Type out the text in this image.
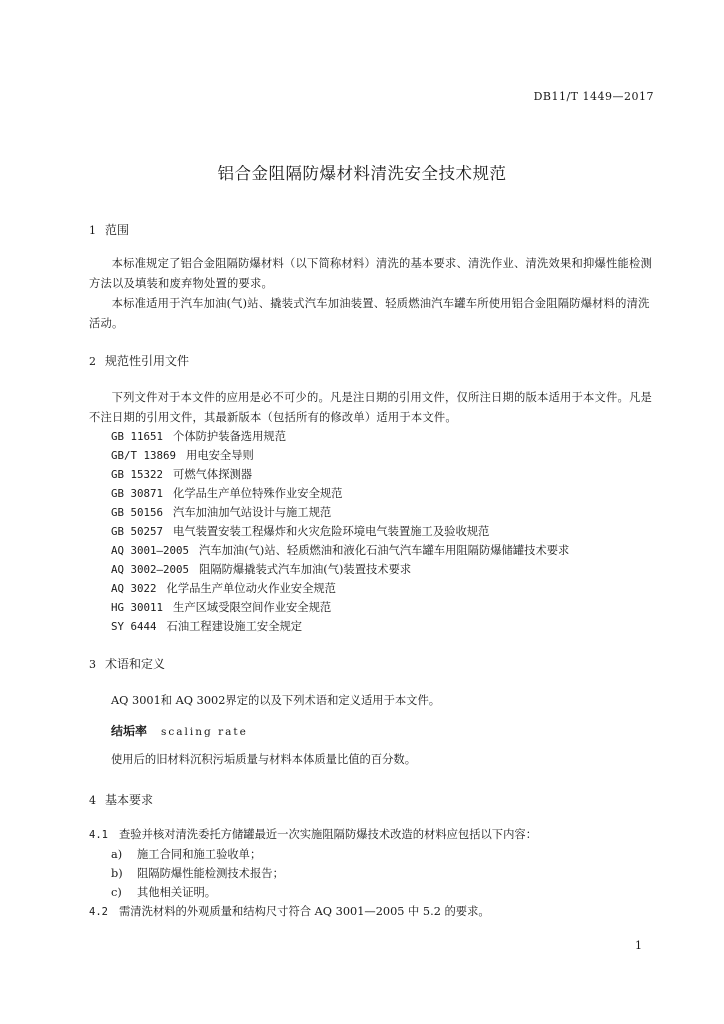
DB11/T 1449—2017
铝合金阻隔防爆材料清洗安全技术规范
1 范围
本标准规定了铝合金阻隔防爆材料（以下简称材料）清洗的基本要求、清洗作业、清洗效果和抑爆性能检测方法以及填装和废弃物处置的要求。
本标准适用于汽车加油(气)站、撬装式汽车加油装置、轻质燃油汽车罐车所使用铝合金阻隔防爆材料的清洗活动。
2 规范性引用文件
下列文件对于本文件的应用是必不可少的。凡是注日期的引用文件，仅所注日期的版本适用于本文件。凡是不注日期的引用文件，其最新版本（包括所有的修改单）适用于本文件。
GB 11651 个体防护装备选用规范
GB/T 13869 用电安全导则
GB 15322 可燃气体探测器
GB 30871 化学品生产单位特殊作业安全规范
GB 50156 汽车加油加气站设计与施工规范
GB 50257 电气装置安装工程爆炸和火灾危险环境电气装置施工及验收规范
AQ 3001—2005 汽车加油(气)站、轻质燃油和液化石油气汽车罐车用阻隔防爆储罐技术要求
AQ 3002—2005 阻隔防爆撬装式汽车加油(气)装置技术要求
AQ 3022 化学品生产单位动火作业安全规范
HG 30011 生产区域受限空间作业安全规范
SY 6444 石油工程建设施工安全规定
3 术语和定义
AQ 3001和 AQ 3002界定的以及下列术语和定义适用于本文件。
结垢率 scaling rate
使用后的旧材料沉积污垢质量与材料本体质量比值的百分数。
4 基本要求
4.1 查验并核对清洗委托方储罐最近一次实施阻隔防爆技术改造的材料应包括以下内容：
a) 施工合同和施工验收单；
b) 阻隔防爆性能检测技术报告；
c) 其他相关证明。
4.2 需清洗材料的外观质量和结构尺寸符合 AQ 3001—2005 中 5.2 的要求。
1
